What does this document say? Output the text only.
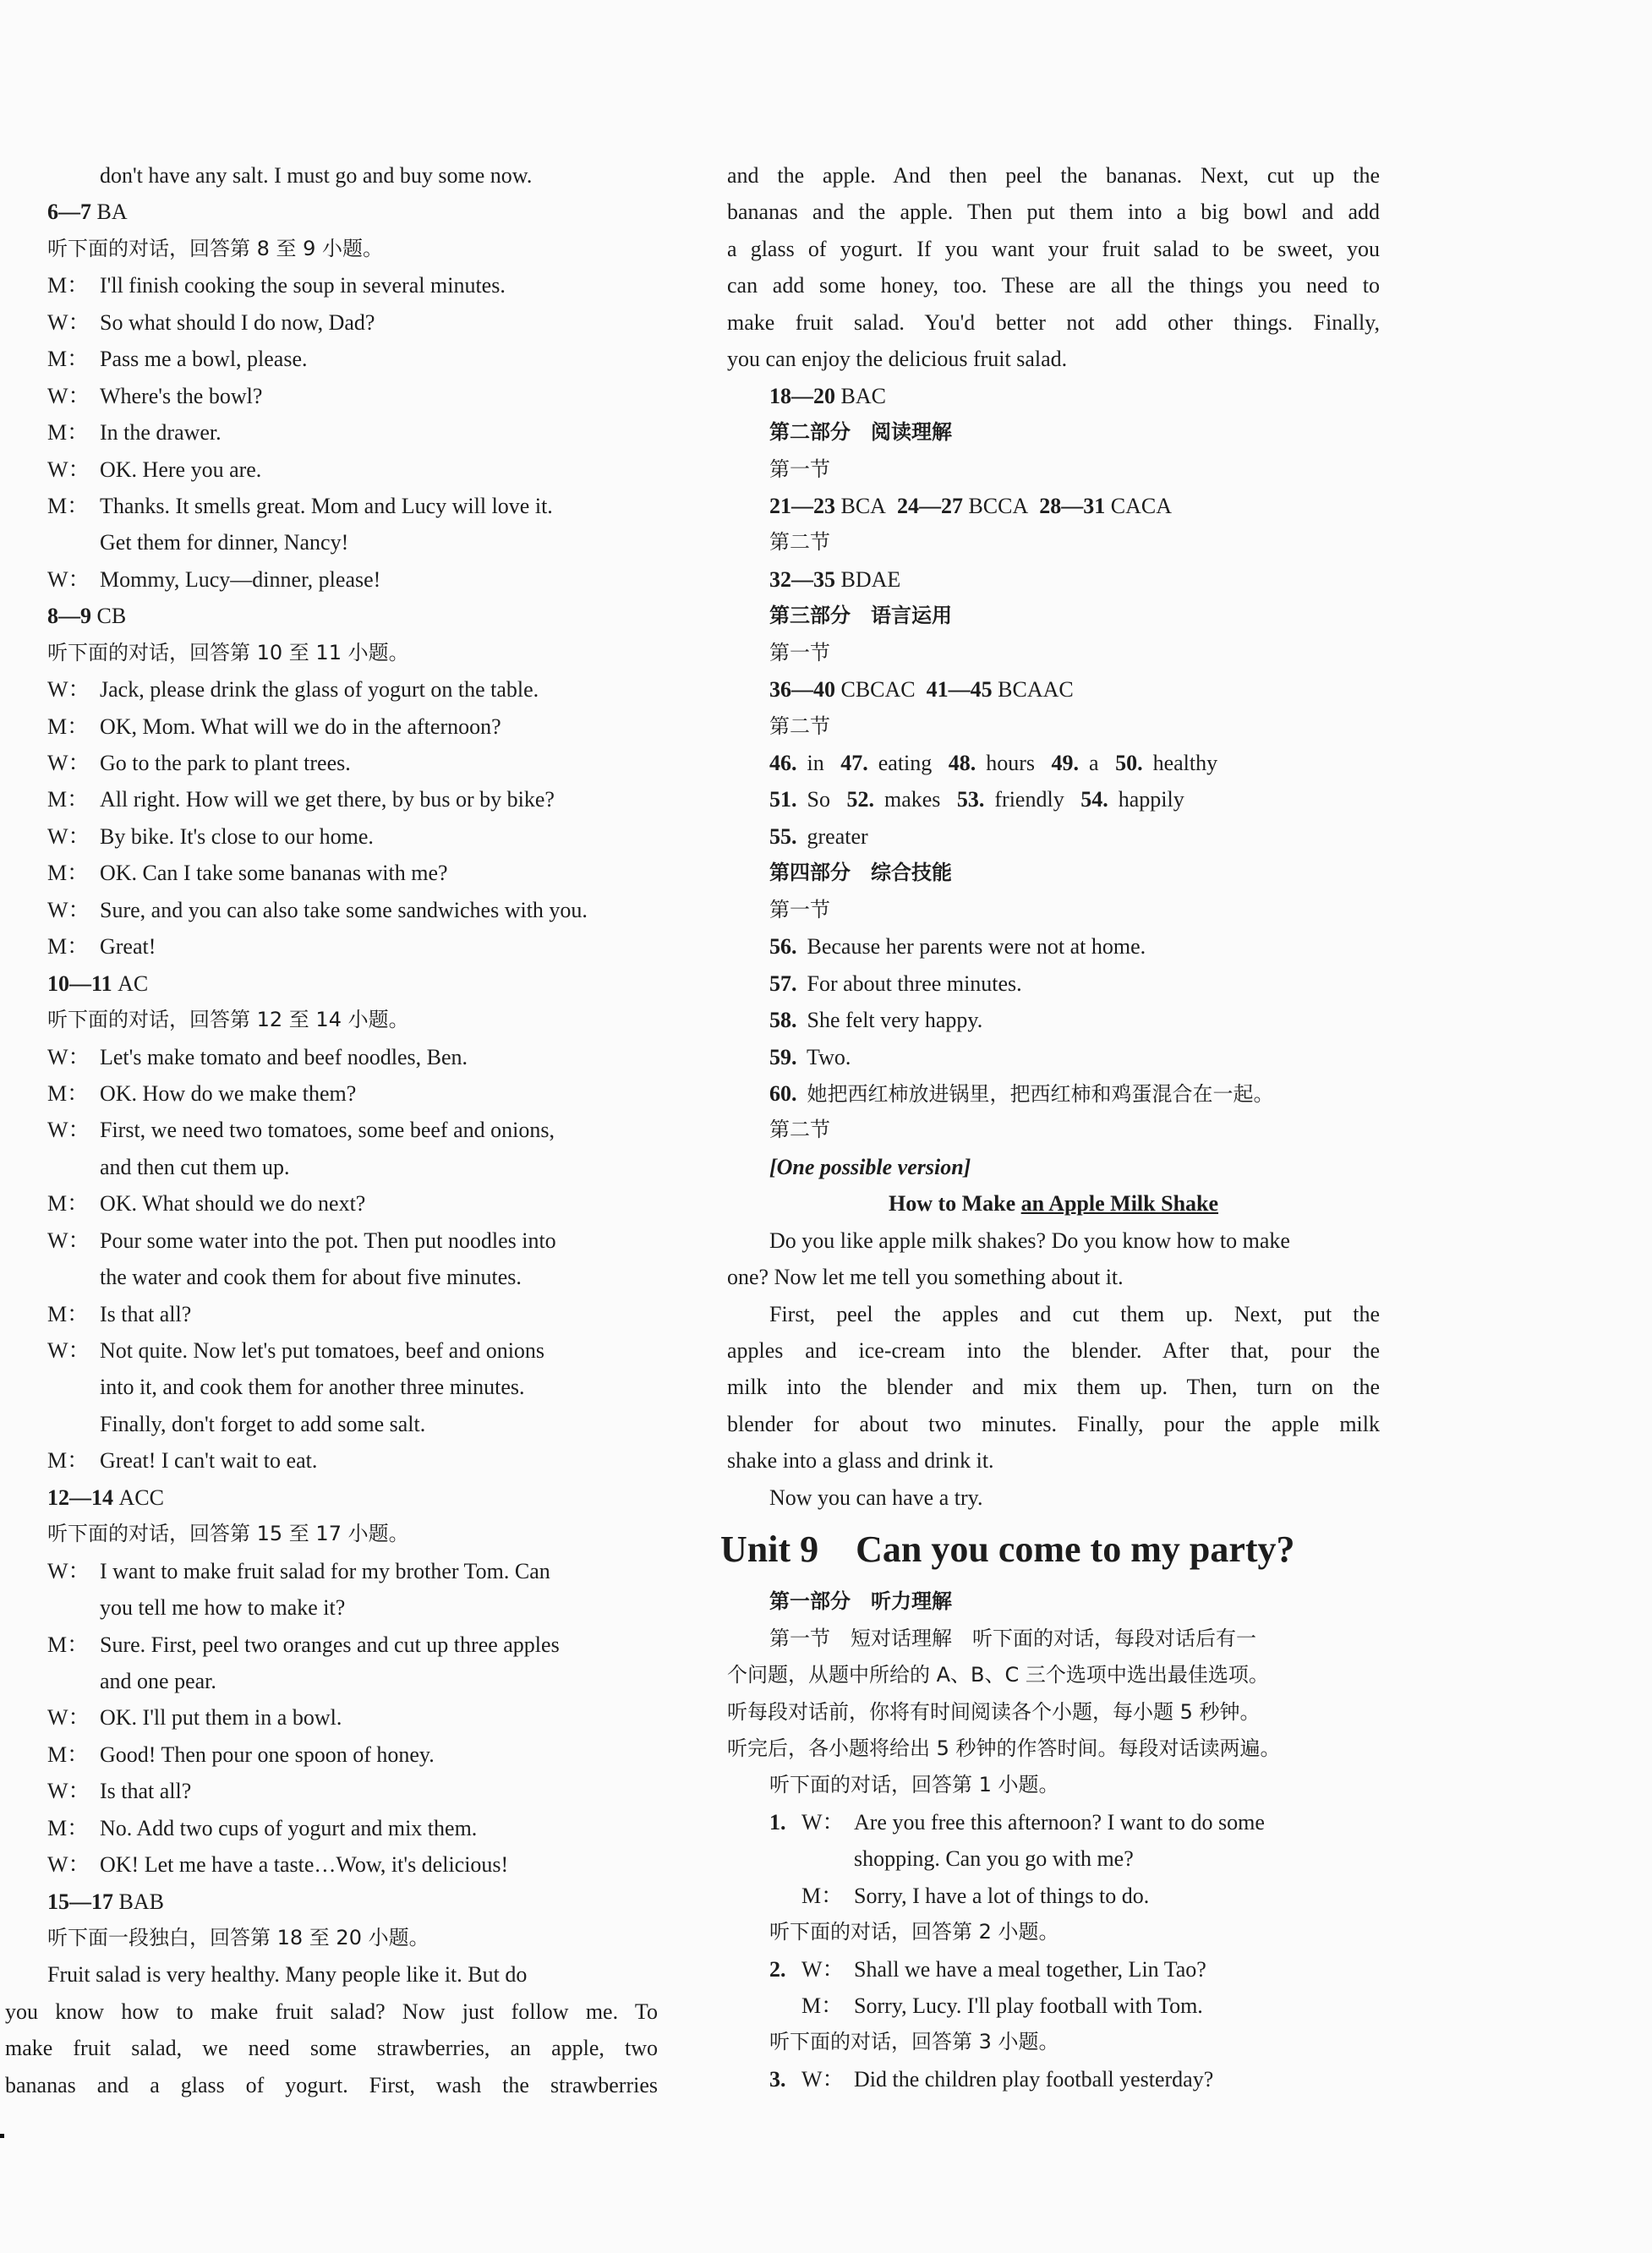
don't have any salt. I must go and buy some now.
6—7 BA
听下面的对话，回答第 8 至 9 小题。
M： I'll finish cooking the soup in several minutes.
W： So what should I do now, Dad?
M： Pass me a bowl, please.
W： Where's the bowl?
M： In the drawer.
W： OK. Here you are.
M： Thanks. It smells great. Mom and Lucy will love it.
Get them for dinner, Nancy!
W： Mommy, Lucy—dinner, please!
8—9 CB
听下面的对话，回答第 10 至 11 小题。
W： Jack, please drink the glass of yogurt on the table.
M： OK, Mom. What will we do in the afternoon?
W： Go to the park to plant trees.
M： All right. How will we get there, by bus or by bike?
W： By bike. It's close to our home.
M： OK. Can I take some bananas with me?
W： Sure, and you can also take some sandwiches with you.
M： Great!
10—11 AC
听下面的对话，回答第 12 至 14 小题。
W： Let's make tomato and beef noodles, Ben.
M： OK. How do we make them?
W： First, we need two tomatoes, some beef and onions,
and then cut them up.
M： OK. What should we do next?
W： Pour some water into the pot. Then put noodles into
the water and cook them for about five minutes.
M： Is that all?
W： Not quite. Now let's put tomatoes, beef and onions
into it, and cook them for another three minutes.
Finally, don't forget to add some salt.
M： Great! I can't wait to eat.
12—14 ACC
听下面的对话，回答第 15 至 17 小题。
W： I want to make fruit salad for my brother Tom. Can
you tell me how to make it?
M： Sure. First, peel two oranges and cut up three apples
and one pear.
W： OK. I'll put them in a bowl.
M： Good! Then pour one spoon of honey.
W： Is that all?
M： No. Add two cups of yogurt and mix them.
W： OK! Let me have a taste…Wow, it's delicious!
15—17 BAB
听下面一段独白，回答第 18 至 20 小题。
Fruit salad is very healthy. Many people like it. But do
you know how to make fruit salad? Now just follow me. To
make fruit salad, we need some strawberries, an apple, two
bananas and a glass of yogurt. First, wash the strawberries
and the apple. And then peel the bananas. Next, cut up the
bananas and the apple. Then put them into a big bowl and add
a glass of yogurt. If you want your fruit salad to be sweet, you
can add some honey, too. These are all the things you need to
make fruit salad. You'd better not add other things. Finally,
you can enjoy the delicious fruit salad.
18—20 BAC
第二部分　阅读理解
第一节
21—23 BCA 24—27 BCCA 28—31 CACA
第二节
32—35 BDAE
第三部分　语言运用
第一节
36—40 CBCAC 41—45 BCAAC
第二节
46. in 47. eating 48. hours 49. a 50. healthy
51. So 52. makes 53. friendly 54. happily
55. greater
第四部分　综合技能
第一节
56. Because her parents were not at home.
57. For about three minutes.
58. She felt very happy.
59. Two.
60. 她把西红柿放进锅里，把西红柿和鸡蛋混合在一起。
第二节
[One possible version]
How to Make an Apple Milk Shake
Do you like apple milk shakes? Do you know how to make
one? Now let me tell you something about it.
First, peel the apples and cut them up. Next, put the
apples and ice-cream into the blender. After that, pour the
milk into the blender and mix them up. Then, turn on the
blender for about two minutes. Finally, pour the apple milk
shake into a glass and drink it.
Now you can have a try.
Unit 9　Can you come to my party?
第一部分　听力理解
第一节　短对话理解　听下面的对话，每段对话后有一
个问题，从题中所给的 A、B、C 三个选项中选出最佳选项。
听每段对话前，你将有时间阅读各个小题，每小题 5 秒钟。
听完后，各小题将给出 5 秒钟的作答时间。每段对话读两遍。
听下面的对话，回答第 1 小题。
1. W： Are you free this afternoon? I want to do some
shopping. Can you go with me?
M： Sorry, I have a lot of things to do.
听下面的对话，回答第 2 小题。
2. W： Shall we have a meal together, Lin Tao?
M： Sorry, Lucy. I'll play football with Tom.
听下面的对话，回答第 3 小题。
3. W： Did the children play football yesterday?
